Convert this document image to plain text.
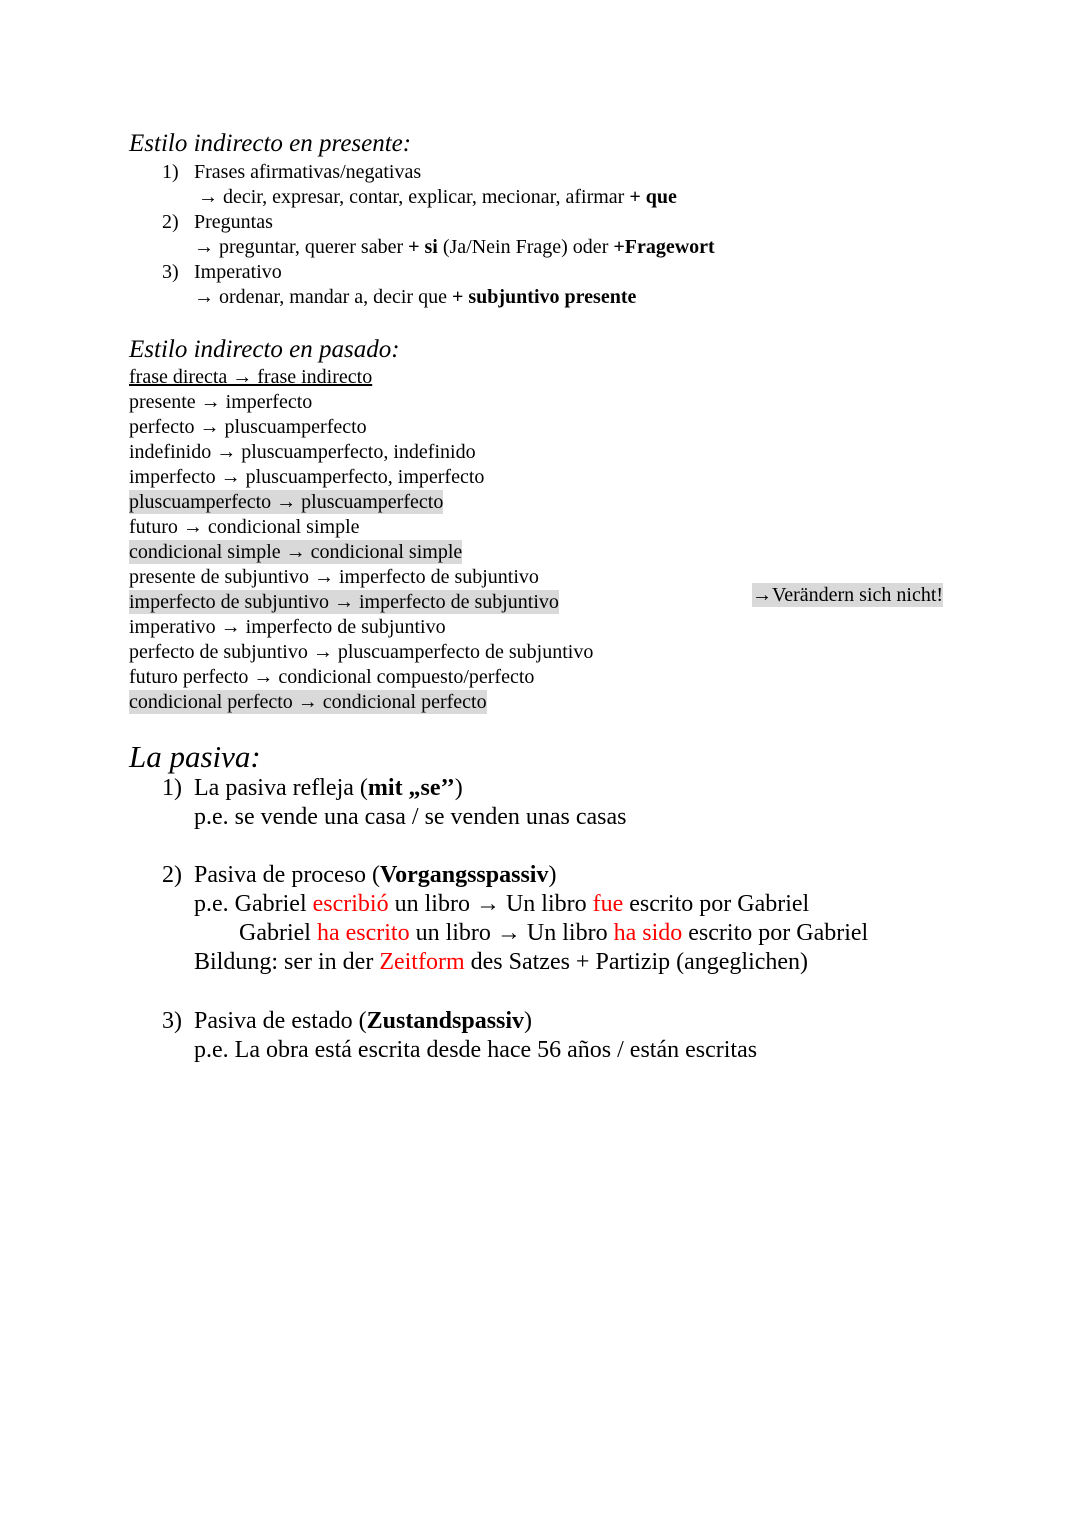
Estilo indirecto en presente:
1) Frases afirmativas/negativas
→ decir, expresar, contar, explicar, mecionar, afirmar + que
2) Preguntas
→ preguntar, querer saber + si (Ja/Nein Frage) oder +Fragewort
3) Imperativo
→ ordenar, mandar a, decir que + subjuntivo presente
Estilo indirecto en pasado:
frase directa → frase indirecto
presente → imperfecto
perfecto → pluscuamperfecto
indefinido → pluscuamperfecto, indefinido
imperfecto → pluscuamperfecto, imperfecto
pluscuamperfecto → pluscuamperfecto
futuro → condicional simple
condicional simple → condicional simple
presente de subjuntivo → imperfecto de subjuntivo
imperfecto de subjuntivo → imperfecto de subjuntivo
imperativo → imperfecto de subjuntivo
perfecto de subjuntivo → pluscuamperfecto de subjuntivo
futuro perfecto → condicional compuesto/perfecto
condicional perfecto → condicional perfecto
→Verändern sich nicht!
La pasiva:
1) La pasiva refleja (mit „se’’)
p.e. se vende una casa / se venden unas casas
2) Pasiva de proceso (Vorgangsspassiv)
p.e. Gabriel escribió un libro → Un libro fue escrito por Gabriel
Gabriel ha escrito un libro → Un libro ha sido escrito por Gabriel
Bildung: ser in der Zeitform des Satzes + Partizip (angeglichen)
3) Pasiva de estado (Zustandspassiv)
p.e. La obra está escrita desde hace 56 años / están escritas
